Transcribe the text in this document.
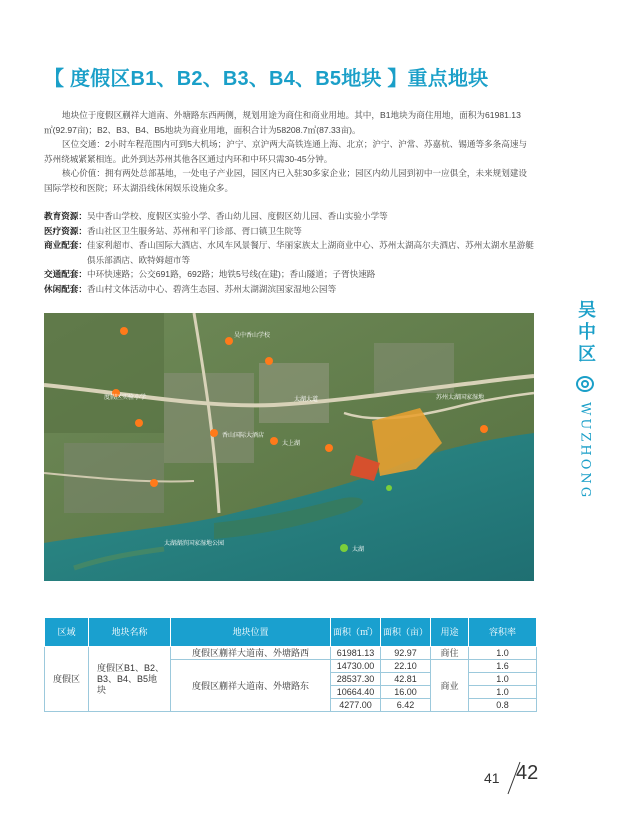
【 度假区B1、B2、B3、B4、B5地块 】重点地块

地块位于度假区蒯祥大道南、外塘路东西两侧，规划用途为商住和商业用地。其中，B1地块为商住用地，面积为61981.13㎡(92.97亩)；B2、B3、B4、B5地块为商业用地，面积合计为58208.7㎡(87.33亩)。

区位交通：2小时车程范围内可到5大机场；沪宁、京沪两大高铁连通上海、北京；沪宁、沪常、苏嘉杭、锡通等多条高速与苏州绕城紧紧相连。此外到达苏州其他各区通过内环和中环只需30-45分钟。

核心价值：拥有两处总部基地，一处电子产业园，园区内已入驻30多家企业；园区内幼儿园到初中一应俱全，未来规划建设国际学校和医院；环太湖沿线休闲娱乐设施众多。

教育资源： 吴中香山学校、度假区实验小学、香山幼儿园、度假区幼儿园、香山实验小学等
医疗资源： 香山社区卫生服务站、苏州和平门诊部、胥口镇卫生院等
商业配套： 佳家利超市、香山国际大酒店、水风车风景餐厅、华丽家族太上湖商业中心、苏州太湖高尔夫酒店、苏州太湖水星游艇俱乐部酒店、欧特姆超市等
交通配套： 中环快速路；公交691路，692路；地铁5号线(在建)；香山隧道；子胥快速路
休闲配套： 香山村文体活动中心、碧湾生态园、苏州太湖湖滨国家湿地公园等
太湖大道
吴中香山学校
苏州太湖国家湿地
太湖
度假区实验小学
香山国际大酒店
太上湖
太湖湖滨国家湿地公园
吴中区
WUZHONG
区域	地块名称	地块位置	面积（㎡）	面积（亩）	用途	容积率
度假区	度假区B1、B2、B3、B4、B5地块	度假区蒯祥大道南、外塘路西	61981.13	92.97	商住	1.0
		度假区蒯祥大道南、外塘路东	14730.00	22.10	商业	1.6
			28537.30	42.81		1.0
			10664.40	16.00		1.0
			4277.00	6.42		0.8
41 42
